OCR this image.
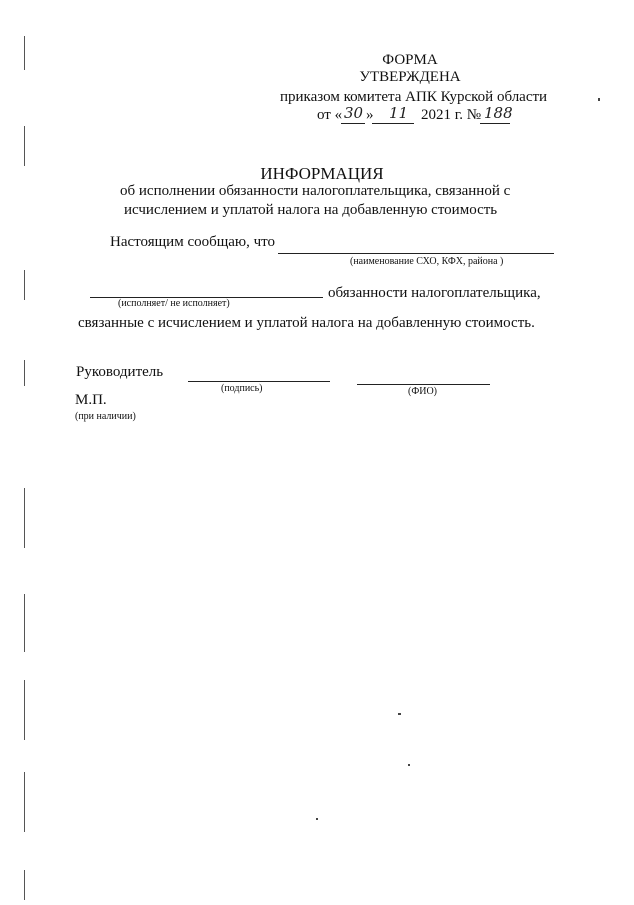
ФОРМА
УТВЕРЖДЕНА
приказом комитета АПК Курской области
от « 30 » 11 2021 г. № 188
ИНФОРМАЦИЯ
об исполнении обязанности налогоплательщика, связанной с
исчислением и уплатой налога на добавленную стоимость
Настоящим сообщаю, что
(наименование СХО, КФХ, района )
обязанности налогоплательщика,
(исполняет/ не исполняет)
связанные с исчислением и уплатой налога на добавленную стоимость.
Руководитель
(подпись)	(ФИО)
М.П.
(при наличии)
